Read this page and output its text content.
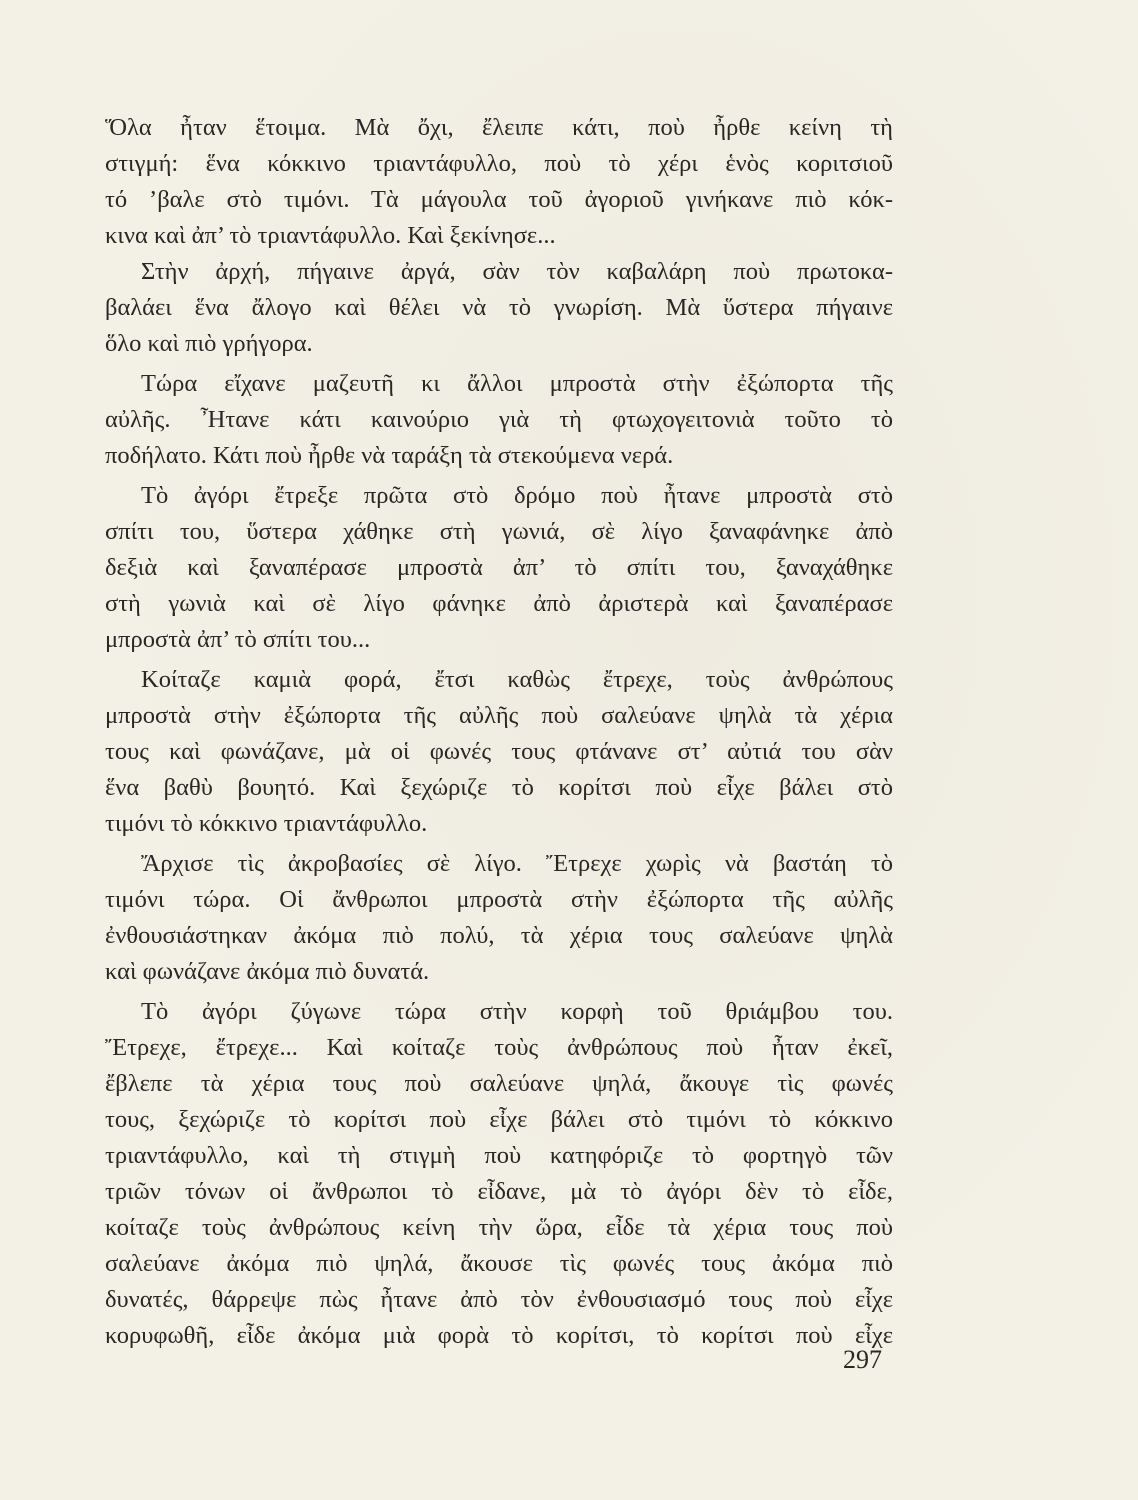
Ὅλα ἦταν ἕτοιμα. Μὰ ὄχι, ἔλειπε κάτι, ποὺ ἦρθε κείνη τὴ
στιγμή: ἕνα κόκκινο τριαντάφυλλο, ποὺ τὸ χέρι ἑνὸς κοριτσιοῦ
τό ’βαλε στὸ τιμόνι. Τὰ μάγουλα τοῦ ἀγοριοῦ γινήκανε πιὸ κόκ-
κινα καὶ ἀπ’ τὸ τριαντάφυλλο. Καὶ ξεκίνησε...
Στὴν ἀρχή, πήγαινε ἀργά, σὰν τὸν καβαλάρη ποὺ πρωτοκα-
βαλάει ἕνα ἄλογο καὶ θέλει νὰ τὸ γνωρίση. Μὰ ὕστερα πήγαινε
ὅλο καὶ πιὸ γρήγορα.
Τώρα εἴχανε μαζευτῆ κι ἄλλοι μπροστὰ στὴν ἐξώπορτα τῆς
αὐλῆς. Ἦτανε κάτι καινούριο γιὰ τὴ φτωχογειτονιὰ τοῦτο τὸ
ποδήλατο. Κάτι ποὺ ἦρθε νὰ ταράξη τὰ στεκούμενα νερά.
Τὸ ἀγόρι ἔτρεξε πρῶτα στὸ δρόμο ποὺ ἦτανε μπροστὰ στὸ
σπίτι του, ὕστερα χάθηκε στὴ γωνιά, σὲ λίγο ξαναφάνηκε ἀπὸ
δεξιὰ καὶ ξαναπέρασε μπροστὰ ἀπ’ τὸ σπίτι του, ξαναχάθηκε
στὴ γωνιὰ καὶ σὲ λίγο φάνηκε ἀπὸ ἀριστερὰ καὶ ξαναπέρασε
μπροστὰ ἀπ’ τὸ σπίτι του...
Κοίταζε καμιὰ φορά, ἔτσι καθὼς ἔτρεχε, τοὺς ἀνθρώπους
μπροστὰ στὴν ἐξώπορτα τῆς αὐλῆς ποὺ σαλεύανε ψηλὰ τὰ χέρια
τους καὶ φωνάζανε, μὰ οἱ φωνές τους φτάνανε στ’ αὐτιά του σὰν
ἕνα βαθὺ βουητό. Καὶ ξεχώριζε τὸ κορίτσι ποὺ εἶχε βάλει στὸ
τιμόνι τὸ κόκκινο τριαντάφυλλο.
Ἄρχισε τὶς ἀκροβασίες σὲ λίγο. Ἔτρεχε χωρὶς νὰ βαστάη τὸ
τιμόνι τώρα. Οἱ ἄνθρωποι μπροστὰ στὴν ἐξώπορτα τῆς αὐλῆς
ἐνθουσιάστηκαν ἀκόμα πιὸ πολύ, τὰ χέρια τους σαλεύανε ψηλὰ
καὶ φωνάζανε ἀκόμα πιὸ δυνατά.
Τὸ ἀγόρι ζύγωνε τώρα στὴν κορφὴ τοῦ θριάμβου του.
Ἔτρεχε, ἔτρεχε... Καὶ κοίταζε τοὺς ἀνθρώπους ποὺ ἦταν ἐκεῖ,
ἔβλεπε τὰ χέρια τους ποὺ σαλεύανε ψηλά, ἄκουγε τὶς φωνές
τους, ξεχώριζε τὸ κορίτσι ποὺ εἶχε βάλει στὸ τιμόνι τὸ κόκκινο
τριαντάφυλλο, καὶ τὴ στιγμὴ ποὺ κατηφόριζε τὸ φορτηγὸ τῶν
τριῶν τόνων οἱ ἄνθρωποι τὸ εἶδανε, μὰ τὸ ἀγόρι δὲν τὸ εἶδε,
κοίταζε τοὺς ἀνθρώπους κείνη τὴν ὥρα, εἶδε τὰ χέρια τους ποὺ
σαλεύανε ἀκόμα πιὸ ψηλά, ἄκουσε τὶς φωνές τους ἀκόμα πιὸ
δυνατές, θάρρεψε πὼς ἦτανε ἀπὸ τὸν ἐνθουσιασμό τους ποὺ εἶχε
κορυφωθῆ, εἶδε ἀκόμα μιὰ φορὰ τὸ κορίτσι, τὸ κορίτσι ποὺ εἶχε
297
